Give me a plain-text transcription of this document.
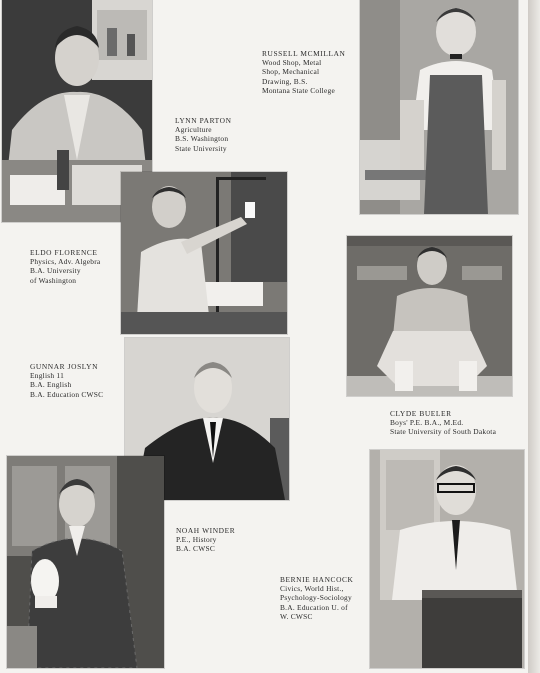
RUSSELL MCMILLAN
Wood Shop, Metal
Shop, Mechanical
Drawing, B.S.
Montana State College
LYNN PARTON
Agriculture
B.S. Washington
State University
ELDO FLORENCE
Physics, Adv. Algebra
B.A. University
of Washington
GUNNAR JOSLYN
English 11
B.A. English
B.A. Education CWSC
CLYDE BUELER
Boys' P.E. B.A., M.Ed.
State University of South Dakota
NOAH WINDER
P.E., History
B.A. CWSC
BERNIE HANCOCK
Civics, World Hist.,
Psychology-Sociology
B.A. Education U. of
W. CWSC
